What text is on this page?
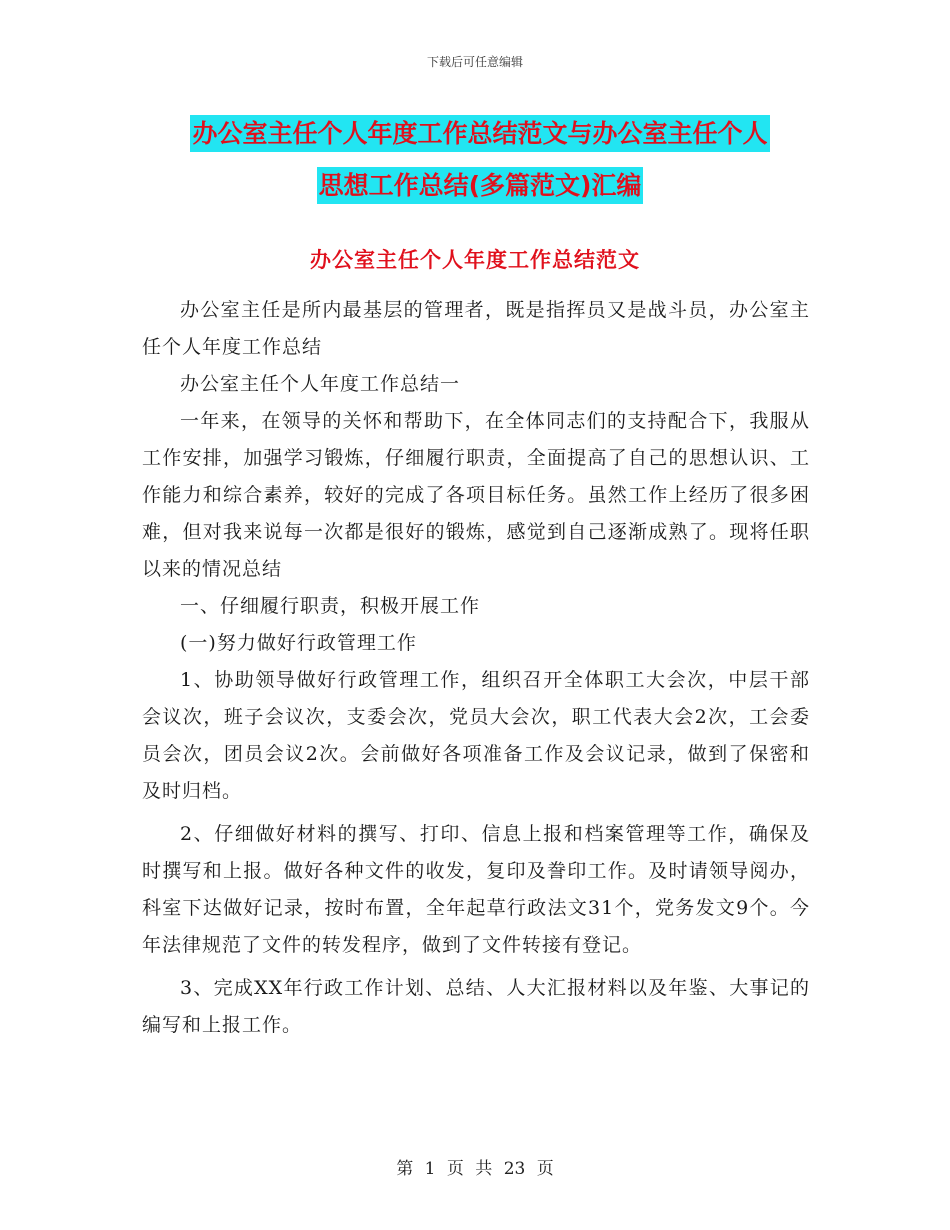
下载后可任意编辑
办公室主任个人年度工作总结范文与办公室主任个人
思想工作总结(多篇范文)汇编
办公室主任个人年度工作总结范文

办公室主任是所内最基层的管理者，既是指挥员又是战斗员，办公室主任个人年度工作总结

办公室主任个人年度工作总结一

一年来，在领导的关怀和帮助下，在全体同志们的支持配合下，我服从工作安排，加强学习锻炼，仔细履行职责，全面提高了自己的思想认识、工作能力和综合素养，较好的完成了各项目标任务。虽然工作上经历了很多困难，但对我来说每一次都是很好的锻炼，感觉到自己逐渐成熟了。现将任职以来的情况总结

一、仔细履行职责，积极开展工作

(一)努力做好行政管理工作

1、协助领导做好行政管理工作，组织召开全体职工大会次，中层干部会议次，班子会议次，支委会次，党员大会次，职工代表大会2次，工会委员会次，团员会议2次。会前做好各项准备工作及会议记录，做到了保密和及时归档。

2、仔细做好材料的撰写、打印、信息上报和档案管理等工作，确保及时撰写和上报。做好各种文件的收发，复印及誊印工作。及时请领导阅办，科室下达做好记录，按时布置，全年起草行政法文31个，党务发文9个。今年法律规范了文件的转发程序，做到了文件转接有登记。

3、完成XX年行政工作计划、总结、人大汇报材料以及年鉴、大事记的编写和上报工作。

第 1 页 共 23 页
